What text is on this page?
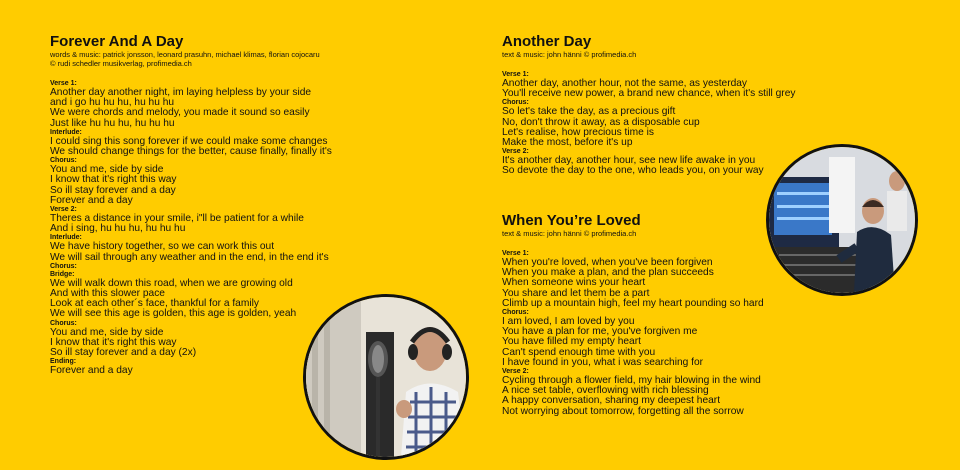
Forever And A Day
words & music: patrick jonsson, leonard prasuhn, michael klimas, florian cojocaru
© rudi schedler musikverlag, profimedia.ch
Verse 1:
Another day another night, im laying helpless by your side
and i go hu hu hu, hu hu hu
We were chords and melody, you made it sound so easily
Just like hu hu hu, hu hu hu
Interlude:
I could sing this song forever if we could make some changes
We should change things for the better, cause finally, finally it's
Chorus:
You and me, side by side
I know that it's right this way
So ill stay forever and a day
Forever and a day
Verse 2:
Theres a distance in your smile, i"ll be patient for a while
And i sing, hu hu hu, hu hu hu
Interlude:
We have history together, so we can work this out
We will sail through any weather and in the end, in the end it's
Chorus:
Bridge:
We will walk down this road, when we are growing old
And with this slower pace
Look at each other´s face, thankful for a family
We will see this age is golden, this age is golden, yeah
Chorus:
You and me, side by side
I know that it's right this way
So ill stay forever and a day (2x)
Ending:
Forever and a day
Another Day
text & music: john hänni © profimedia.ch
Verse 1:
Another day, another hour, not the same, as yesterday
You'll receive new power, a brand new chance, when it's still grey
Chorus:
So let's take the day, as a precious gift
No, don't throw it away, as a disposable cup
Let's realise, how precious time is
Make the most, before it's up
Verse 2:
It's another day, another hour, see new life awake in you
So devote the day to the one, who leads you, on your way
When You’re Loved
text & music: john hänni © profimedia.ch
Verse 1:
When you're loved, when you've been forgiven
When you make a plan, and the plan succeeds
When someone wins your heart
You share and let them be a part
Climb up a mountain high, feel my heart pounding so hard
Chorus:
I am loved, I am loved by you
You have a plan for me, you've forgiven me
You have filled my empty heart
Can't spend enough time with you
I have found in you, what i was searching for
Verse 2:
Cycling through a flower field, my hair blowing in the wind
A nice set table, overflowing with rich blessing
A happy conversation, sharing my deepest heart
Not worrying about tomorrow, forgetting all the sorrow
